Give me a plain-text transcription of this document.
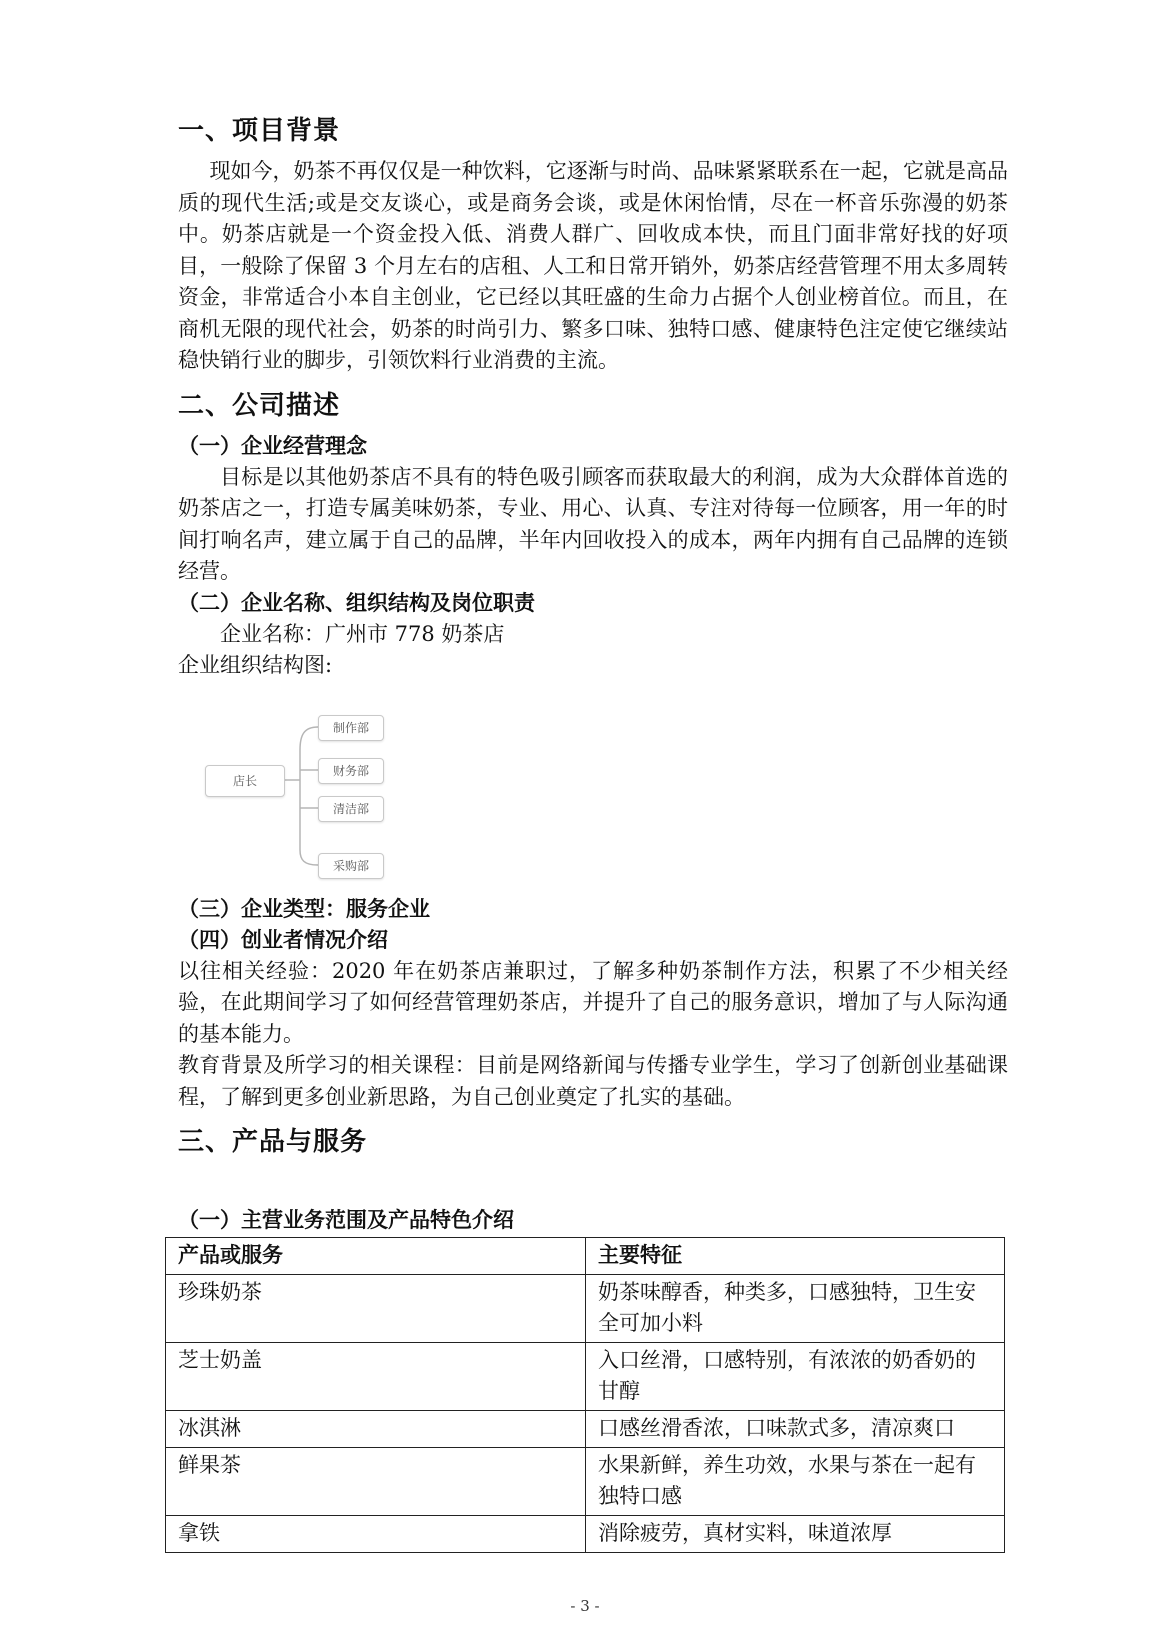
一、项目背景

现如今，奶茶不再仅仅是一种饮料，它逐渐与时尚、品味紧紧联系在一起，它就是高品质的现代生活;或是交友谈心，或是商务会谈，或是休闲怡情，尽在一杯音乐弥漫的奶茶中。奶茶店就是一个资金投入低、消费人群广、回收成本快，而且门面非常好找的好项目，一般除了保留 3 个月左右的店租、人工和日常开销外，奶茶店经营管理不用太多周转资金，非常适合小本自主创业，它已经以其旺盛的生命力占据个人创业榜首位。而且，在商机无限的现代社会，奶茶的时尚引力、繁多口味、独特口感、健康特色注定使它继续站稳快销行业的脚步，引领饮料行业消费的主流。

二、公司描述
（一）企业经营理念

目标是以其他奶茶店不具有的特色吸引顾客而获取最大的利润，成为大众群体首选的奶茶店之一，打造专属美味奶茶，专业、用心、认真、专注对待每一位顾客，用一年的时间打响名声，建立属于自己的品牌，半年内回收投入的成本，两年内拥有自己品牌的连锁经营。

（二）企业名称、组织结构及岗位职责

企业名称：广州市 778 奶茶店

企业组织结构图:

店长
制作部
财务部
清洁部
采购部
（三）企业类型：服务企业
（四）创业者情况介绍

以往相关经验：2020 年在奶茶店兼职过，了解多种奶茶制作方法，积累了不少相关经验，在此期间学习了如何经营管理奶茶店，并提升了自己的服务意识，增加了与人际沟通的基本能力。

教育背景及所学习的相关课程：目前是网络新闻与传播专业学生，学习了创新创业基础课程，了解到更多创业新思路，为自己创业奠定了扎实的基础。

三、产品与服务
（一）主营业务范围及产品特色介绍
产品或服务	主要特征
珍珠奶茶	奶茶味醇香，种类多，口感独特，卫生安全可加小料
芝士奶盖	入口丝滑，口感特别，有浓浓的奶香奶的甘醇
冰淇淋	口感丝滑香浓，口味款式多，清凉爽口
鲜果茶	水果新鲜，养生功效，水果与茶在一起有独特口感
拿铁	消除疲劳，真材实料，味道浓厚
- 3 -
